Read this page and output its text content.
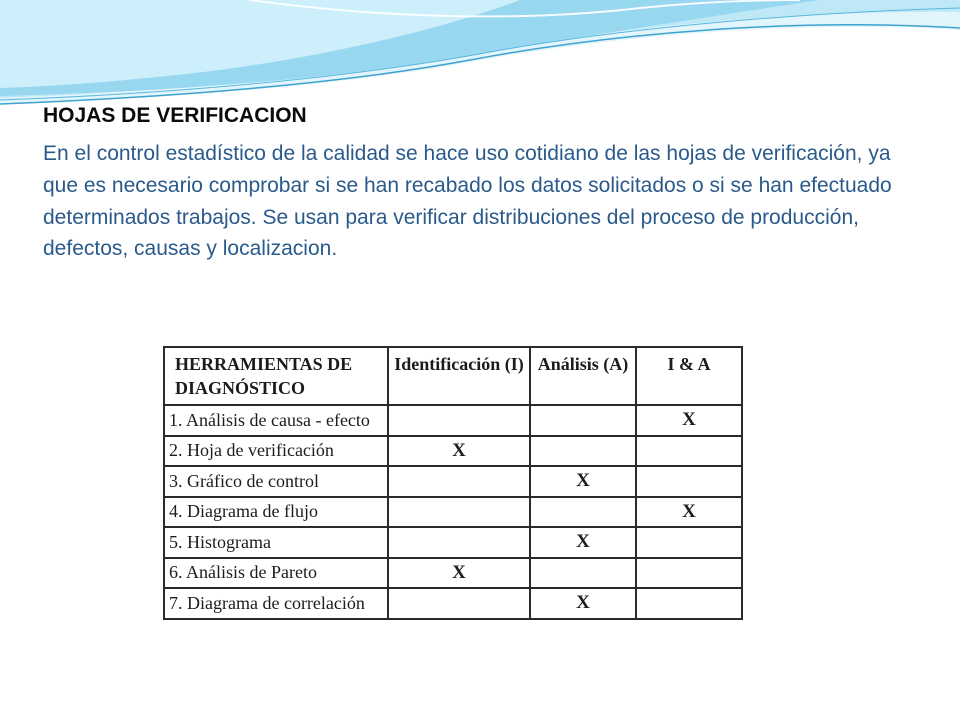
HOJAS DE VERIFICACION

En el control estadístico de la calidad se hace uso cotidiano de las hojas de verificación, ya que es necesario comprobar si se han recabado los datos solicitados o si se han efectuado determinados trabajos. Se usan para verificar distribuciones del proceso de producción, defectos, causas y localizacion.

HERRAMIENTAS DE DIAGNÓSTICO	Identificación (I)	Análisis (A)	I & A
1. Análisis de causa - efecto			X
2. Hoja de verificación	X		
3. Gráfico de control		X	
4. Diagrama de flujo			X
5. Histograma		X	
6. Análisis de Pareto	X		
7. Diagrama de correlación		X	
